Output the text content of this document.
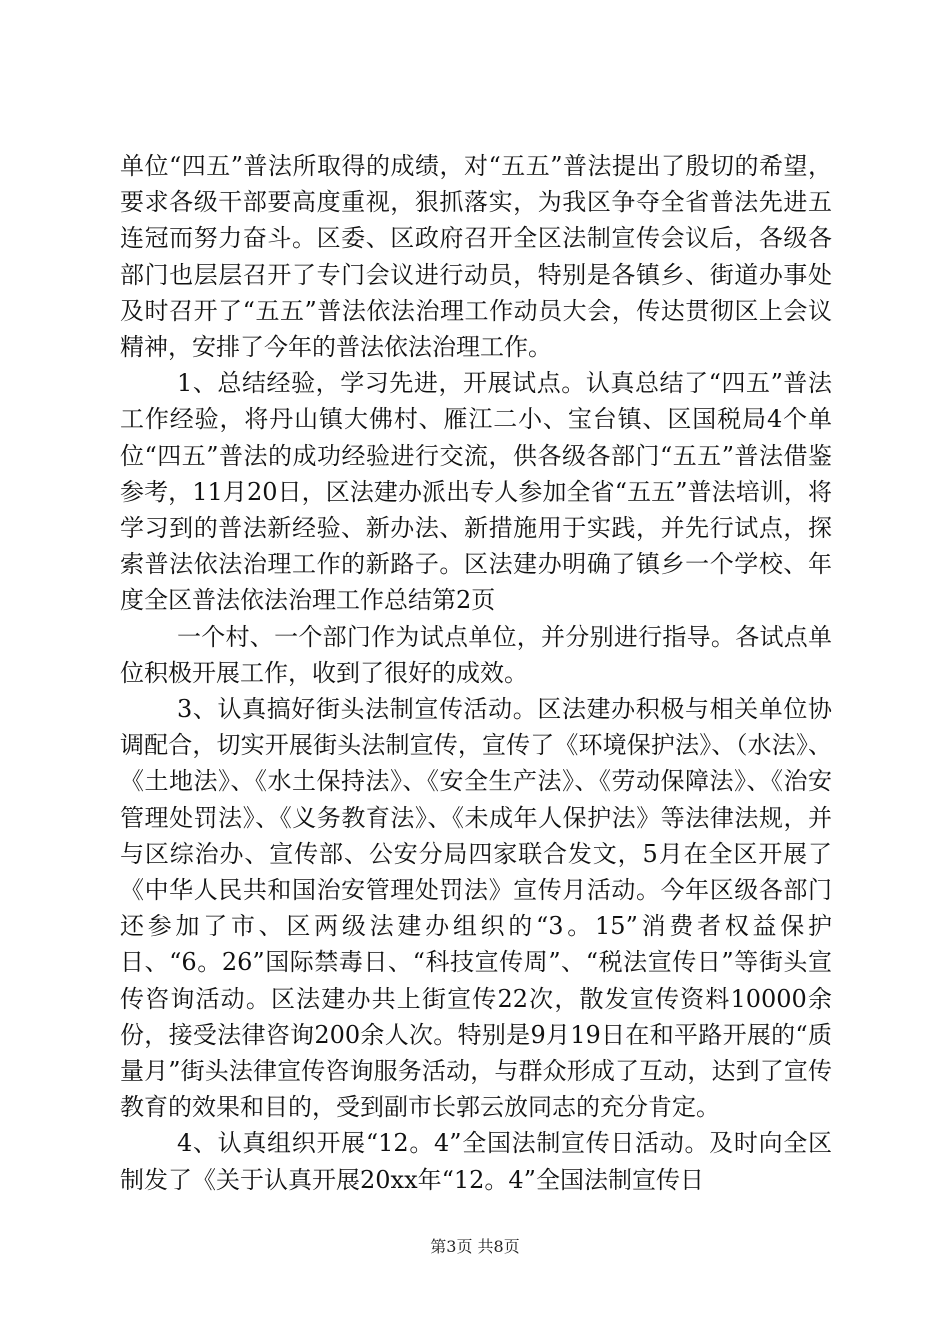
单位“四五”普法所取得的成绩，对“五五”普法提出了殷切的希望，要求各级干部要高度重视，狠抓落实，为我区争夺全省普法先进五连冠而努力奋斗。区委、区政府召开全区法制宣传会议后，各级各部门也层层召开了专门会议进行动员，特别是各镇乡、街道办事处及时召开了“五五”普法依法治理工作动员大会，传达贯彻区上会议精神，安排了今年的普法依法治理工作。

1、总结经验，学习先进，开展试点。认真总结了“四五”普法工作经验，将丹山镇大佛村、雁江二小、宝台镇、区国税局4个单位“四五”普法的成功经验进行交流，供各级各部门“五五”普法借鉴参考，11月20日，区法建办派出专人参加全省“五五”普法培训，将学习到的普法新经验、新办法、新措施用于实践，并先行试点，探索普法依法治理工作的新路子。区法建办明确了镇乡一个学校、年度全区普法依法治理工作总结第2页

一个村、一个部门作为试点单位，并分别进行指导。各试点单位积极开展工作，收到了很好的成效。

3、认真搞好街头法制宣传活动。区法建办积极与相关单位协调配合，切实开展街头法制宣传，宣传了《环境保护法》、（水法》、《土地法》、《水土保持法》、《安全生产法》、《劳动保障法》、《治安管理处罚法》、《义务教育法》、《未成年人保护法》等法律法规，并与区综治办、宣传部、公安分局四家联合发文，5月在全区开展了《中华人民共和国治安管理处罚法》宣传月活动。今年区级各部门还参加了市、区两级法建办组织的“3。15”消费者权益保护日、“6。26”国际禁毒日、“科技宣传周”、“税法宣传日”等街头宣传咨询活动。区法建办共上街宣传22次，散发宣传资料10000余份，接受法律咨询200余人次。特别是9月19日在和平路开展的“质量月”街头法律宣传咨询服务活动，与群众形成了互动，达到了宣传教育的效果和目的，受到副市长郭云放同志的充分肯定。

4、认真组织开展“12。4”全国法制宣传日活动。及时向全区制发了《关于认真开展20xx年“12。4”全国法制宣传日

第3页 共8页
